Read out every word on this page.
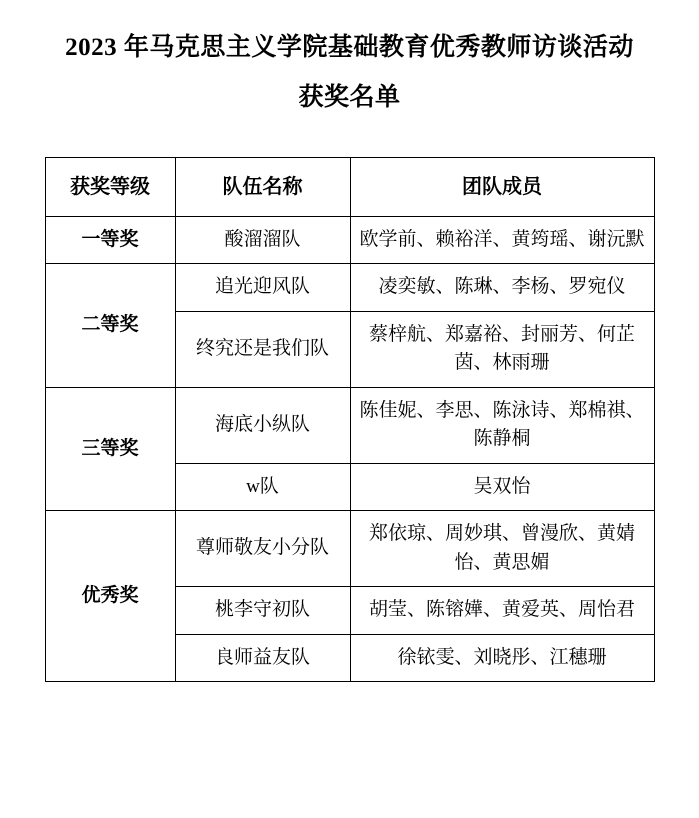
2023 年马克思主义学院基础教育优秀教师访谈活动
获奖名单
获奖等级	队伍名称	团队成员
一等奖	酸溜溜队	欧学前、赖裕洋、黄筠瑶、谢沅默
二等奖	追光迎风队	凌奕敏、陈琳、李杨、罗宛仪
	终究还是我们队	蔡梓航、郑嘉裕、封丽芳、何芷茵、林雨珊
三等奖	海底小纵队	陈佳妮、李思、陈泳诗、郑棉祺、陈静桐
	w队	吴双怡
优秀奖	尊师敬友小分队	郑依琼、周妙琪、曾漫欣、黄婧怡、黄思媚
	桃李守初队	胡莹、陈镕嬅、黄爱英、周怡君
	良师益友队	徐铱雯、刘晓彤、江穗珊
